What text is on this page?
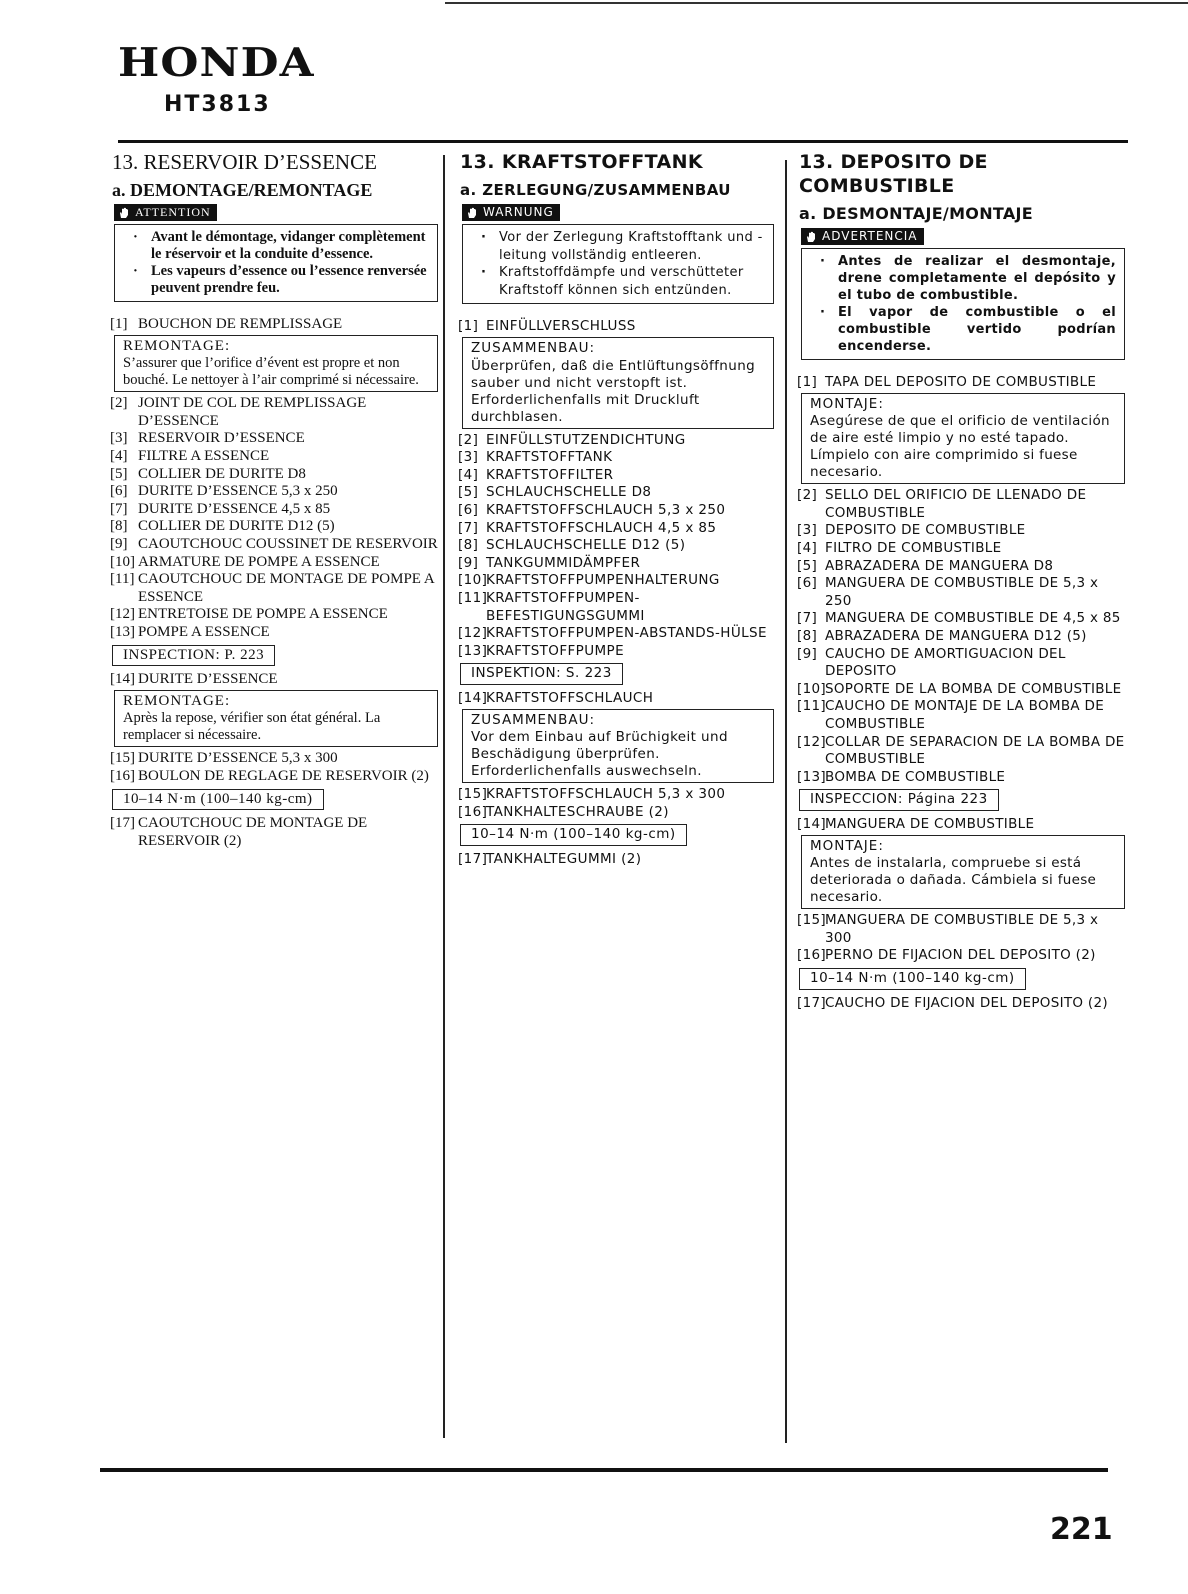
HONDA
HT3813
13. RESERVOIR D’ESSENCE
a. DEMONTAGE/REMONTAGE
ATTENTION
· Avant le démontage, vidanger complètement le réservoir et la conduite d’essence.
· Les vapeurs d’essence ou l’essence renversée peuvent prendre feu.
[1] BOUCHON DE REMPLISSAGE
REMONTAGE:
S’assurer que l’orifice d’évent est propre et non bouché. Le nettoyer à l’air comprimé si nécessaire.
[2] JOINT DE COL DE REMPLISSAGE D’ESSENCE
[3] RESERVOIR D’ESSENCE
[4] FILTRE A ESSENCE
[5] COLLIER DE DURITE D8
[6] DURITE D’ESSENCE 5,3 x 250
[7] DURITE D’ESSENCE 4,5 x 85
[8] COLLIER DE DURITE D12 (5)
[9] CAOUTCHOUC COUSSINET DE RESERVOIR
[10] ARMATURE DE POMPE A ESSENCE
[11] CAOUTCHOUC DE MONTAGE DE POMPE A ESSENCE
[12] ENTRETOISE DE POMPE A ESSENCE
[13] POMPE A ESSENCE
INSPECTION: P. 223
[14] DURITE D’ESSENCE
REMONTAGE:
Après la repose, vérifier son état général. La remplacer si nécessaire.
[15] DURITE D’ESSENCE 5,3 x 300
[16] BOULON DE REGLAGE DE RESERVOIR (2)
10–14 N·m (100–140 kg-cm)
[17] CAOUTCHOUC DE MONTAGE DE RESERVOIR (2)
13. KRAFTSTOFFTANK
a. ZERLEGUNG/ZUSAMMENBAU
WARNUNG
· Vor der Zerlegung Kraftstofftank und -leitung vollständig entleeren.
· Kraftstoffdämpfe und verschütteter Kraftstoff können sich entzünden.
[1] EINFÜLLVERSCHLUSS
ZUSAMMENBAU:
Überprüfen, daß die Entlüftungsöffnung sauber und nicht verstopft ist. Erforderlichenfalls mit Druckluft durchblasen.
[2] EINFÜLLSTUTZENDICHTUNG
[3] KRAFTSTOFFTANK
[4] KRAFTSTOFFILTER
[5] SCHLAUCHSCHELLE D8
[6] KRAFTSTOFFSCHLAUCH 5,3 x 250
[7] KRAFTSTOFFSCHLAUCH 4,5 x 85
[8] SCHLAUCHSCHELLE D12 (5)
[9] TANKGUMMIDÄMPFER
[10]
KRAFTSTOFFPUMPENHALTERUNG
[11]
KRAFTSTOFFPUMPEN-BEFESTIGUNGSGUMMI
[12]
KRAFTSTOFFPUMPEN-ABSTANDS-HÜLSE
[13]
KRAFTSTOFFPUMPE
INSPEKTION: S. 223
[14]
KRAFTSTOFFSCHLAUCH
ZUSAMMENBAU:
Vor dem Einbau auf Brüchigkeit und Beschädigung überprüfen. Erforderlichenfalls auswechseln.
[15]
KRAFTSTOFFSCHLAUCH 5,3 x 300
[16]
TANKHALTESCHRAUBE (2)
10–14 N·m (100–140 kg-cm)
[17]
TANKHALTEGUMMI (2)
13. DEPOSITO DE COMBUSTIBLE
a. DESMONTAJE/MONTAJE
ADVERTENCIA
· Antes de realizar el desmontaje, drene completamente el depósito y el tubo de combustible.
· El vapor de combustible o el combustible vertido podrían encenderse.
[1] TAPA DEL DEPOSITO DE COMBUSTIBLE
MONTAJE:
Asegúrese de que el orificio de ventilación de aire esté limpio y no esté tapado. Límpielo con aire comprimido si fuese necesario.
[2] SELLO DEL ORIFICIO DE LLENADO DE COMBUSTIBLE
[3] DEPOSITO DE COMBUSTIBLE
[4] FILTRO DE COMBUSTIBLE
[5] ABRAZADERA DE MANGUERA D8
[6] MANGUERA DE COMBUSTIBLE DE 5,3 x 250
[7] MANGUERA DE COMBUSTIBLE DE 4,5 x 85
[8] ABRAZADERA DE MANGUERA D12 (5)
[9] CAUCHO DE AMORTIGUACION DEL DEPOSITO
[10] SOPORTE DE LA BOMBA DE COMBUSTIBLE
[11] CAUCHO DE MONTAJE DE LA BOMBA DE COMBUSTIBLE
[12] COLLAR DE SEPARACION DE LA BOMBA DE COMBUSTIBLE
[13] BOMBA DE COMBUSTIBLE
INSPECCION: Página 223
[14] MANGUERA DE COMBUSTIBLE
MONTAJE:
Antes de instalarla, compruebe si está deteriorada o dañada. Cámbiela si fuese necesario.
[15] MANGUERA DE COMBUSTIBLE DE 5,3 x 300
[16] PERNO DE FIJACION DEL DEPOSITO (2)
10–14 N·m (100–140 kg-cm)
[17] CAUCHO DE FIJACION DEL DEPOSITO (2)
221
